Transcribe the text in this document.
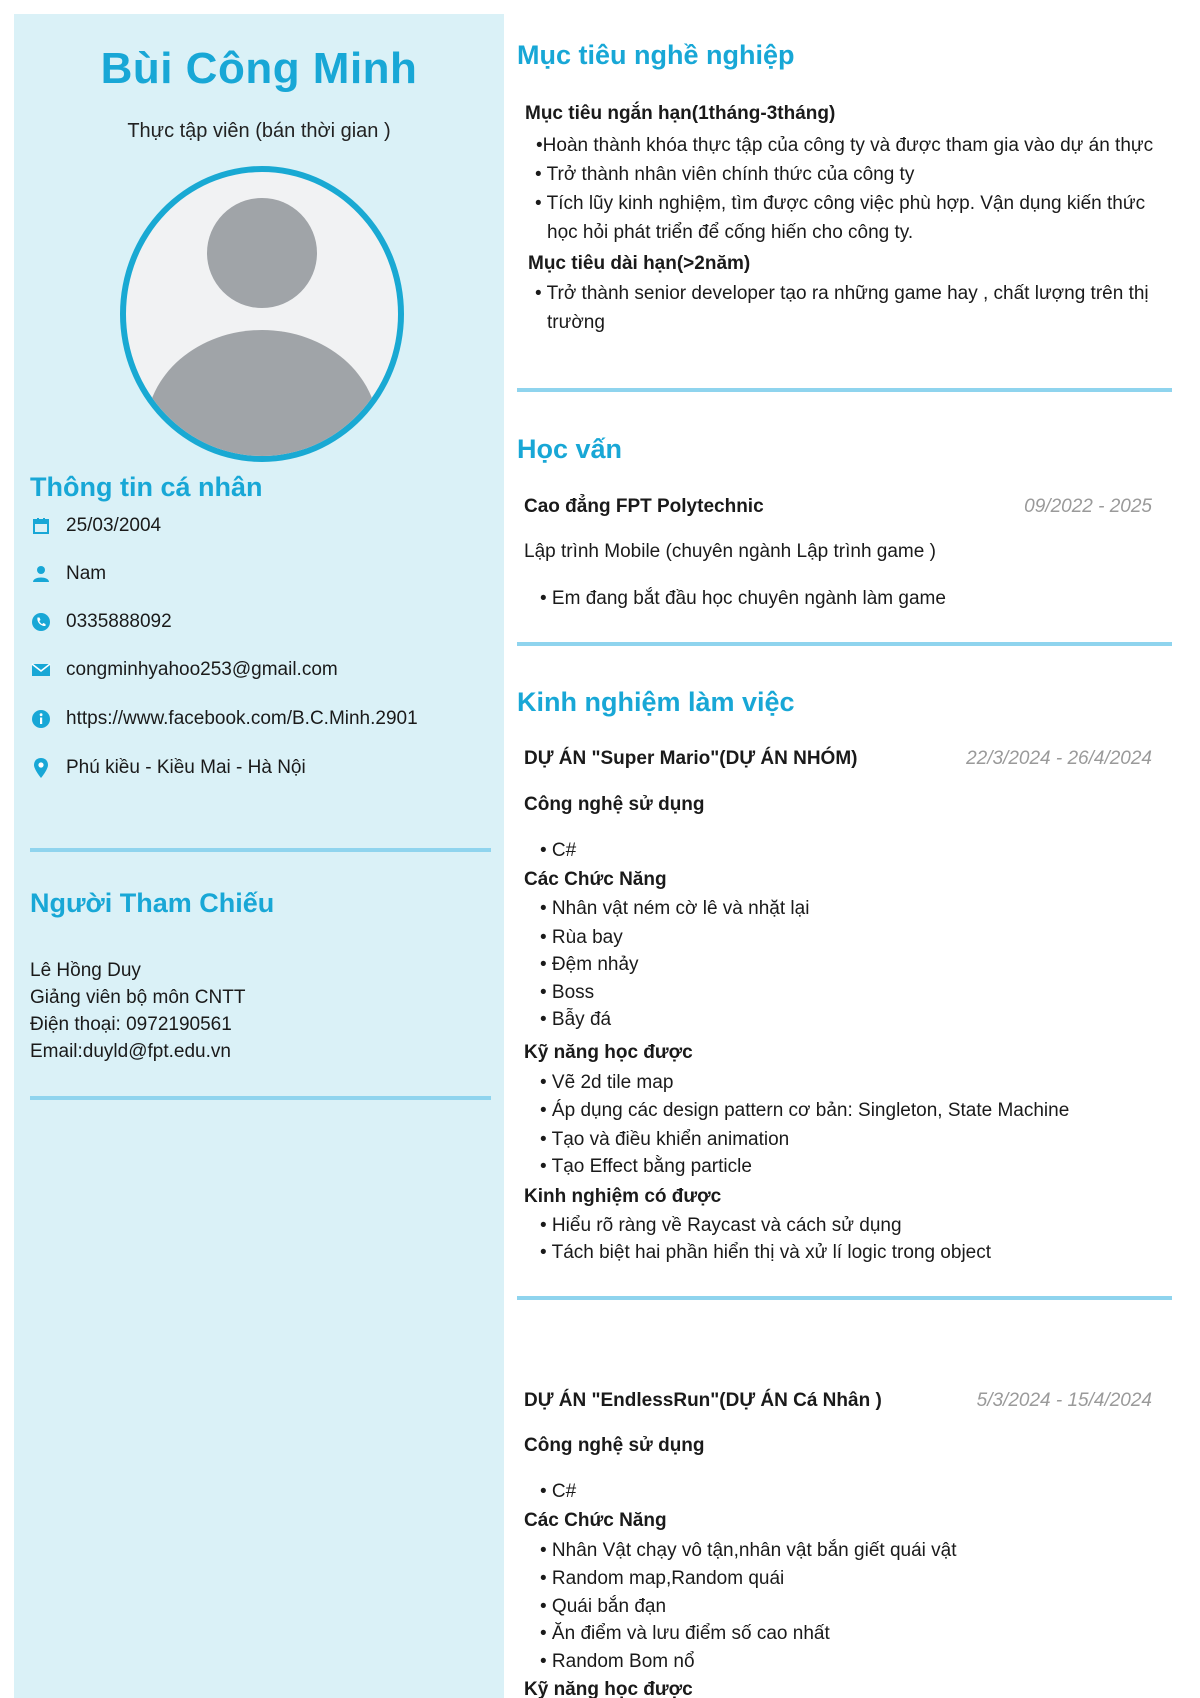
Bùi Công Minh
Thực tập viên (bán thời gian )
Thông tin cá nhân
25/03/2004
Nam
0335888092
congminhyahoo253@gmail.com
https://www.facebook.com/B.C.Minh.2901
Phú kiều - Kiều Mai - Hà Nội
Người Tham Chiếu
Lê Hồng Duy
Giảng viên bộ môn CNTT
Điện thoại: 0972190561
Email:duyld@fpt.edu.vn
Mục tiêu nghề nghiệp
Mục tiêu ngắn hạn(1tháng-3tháng)
•Hoàn thành khóa thực tập của công ty và được tham gia vào dự án thực
• Trở thành nhân viên chính thức của công ty
• Tích lũy kinh nghiệm, tìm được công việc phù hợp. Vận dụng kiến thức
học hỏi phát triển để cống hiến cho công ty.
Mục tiêu dài hạn(>2năm)
• Trở thành senior developer tạo ra những game hay , chất lượng trên thị
trường
Học vấn
Cao đẳng FPT Polytechnic	09/2022 - 2025
Lập trình Mobile (chuyên ngành Lập trình game )
• Em đang bắt đầu học chuyên ngành làm game
Kinh nghiệm làm việc
DỰ ÁN "Super Mario"(DỰ ÁN NHÓM)	22/3/2024 - 26/4/2024
Công nghệ sử dụng
• C#
Các Chức Năng
• Nhân vật ném cờ lê và nhặt lại
• Rùa bay
• Đệm nhảy
• Boss
• Bẫy đá
Kỹ năng học được
• Vẽ 2d tile map
• Áp dụng các design pattern cơ bản: Singleton, State Machine
• Tạo và điều khiển animation
• Tạo Effect bằng particle
Kinh nghiệm có được
• Hiểu rõ ràng về Raycast và cách sử dụng
• Tách biệt hai phần hiển thị và xử lí logic trong object
DỰ ÁN "EndlessRun"(DỰ ÁN Cá Nhân )	5/3/2024 - 15/4/2024
Công nghệ sử dụng
• C#
Các Chức Năng
• Nhân Vật chạy vô tận,nhân vật bắn giết quái vật
• Random map,Random quái
• Quái bắn đạn
• Ăn điểm và lưu điểm số cao nhất
• Random Bom nổ
Kỹ năng học được
